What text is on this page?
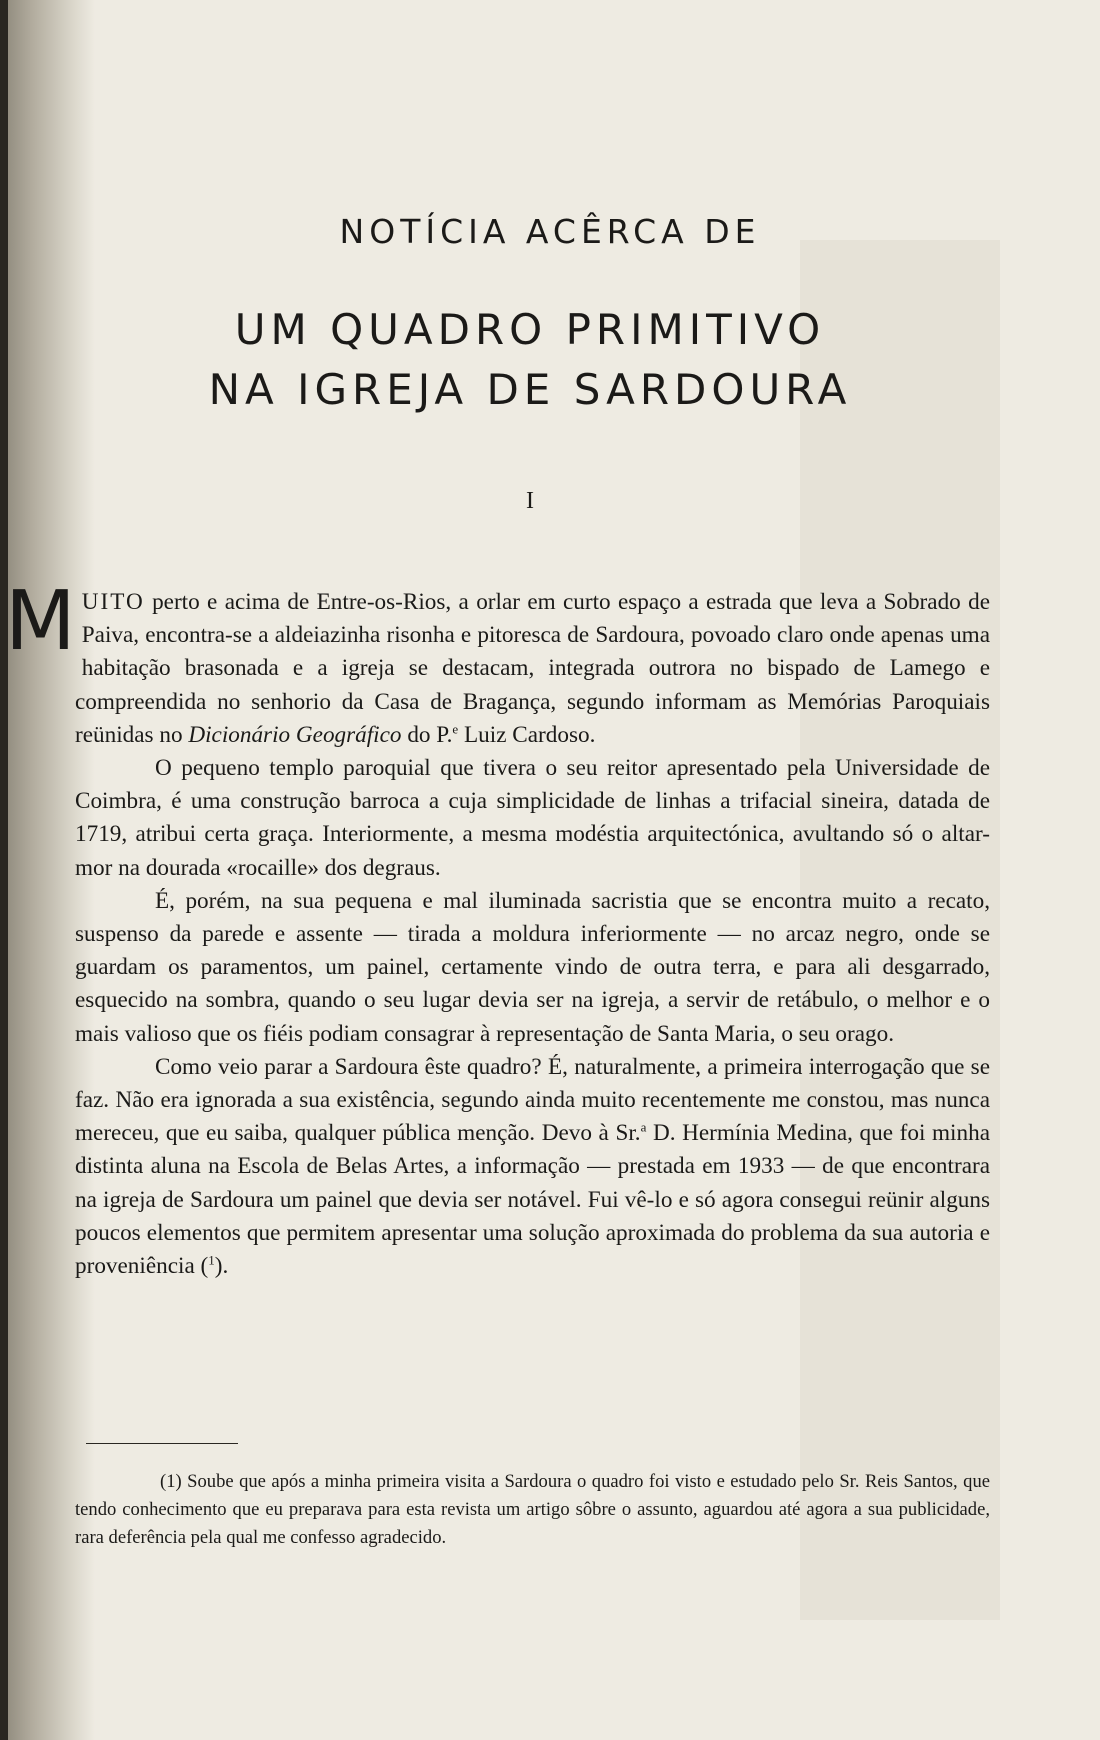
NOTÍCIA ACÊRCA DE
UM QUADRO PRIMITIVO
NA IGREJA DE SARDOURA
I

MUITO perto e acima de Entre-os-Rios, a orlar em curto espaço a estrada que leva a Sobrado de Paiva, encontra-se a aldeiazinha risonha e pitoresca de Sardoura, povoado claro onde apenas uma habitação brasonada e a igreja se destacam, integrada outrora no bispado de Lamego e compreendida no senhorio da Casa de Bragança, segundo informam as Memórias Paroquiais reünidas no Dicionário Geográfico do P.$^e$ Luiz Cardoso.

O pequeno templo paroquial que tivera o seu reitor apresentado pela Universidade de Coimbra, é uma construção barroca a cuja simplicidade de linhas a trifacial sineira, datada de 1719, atribui certa graça. Interiormente, a mesma modéstia arquitectónica, avultando só o altar-mor na dourada «rocaille» dos degraus.

É, porém, na sua pequena e mal iluminada sacristia que se encontra muito a recato, suspenso da parede e assente — tirada a moldura inferiormente — no arcaz negro, onde se guardam os paramentos, um painel, certamente vindo de outra terra, e para ali desgarrado, esquecido na sombra, quando o seu lugar devia ser na igreja, a servir de retábulo, o melhor e o mais valioso que os fiéis podiam consagrar à representação de Santa Maria, o seu orago.

Como veio parar a Sardoura êste quadro? É, naturalmente, a primeira interrogação que se faz. Não era ignorada a sua existência, segundo ainda muito recentemente me constou, mas nunca mereceu, que eu saiba, qualquer pública menção. Devo à Sr.$^a$ D. Hermínia Medina, que foi minha distinta aluna na Escola de Belas Artes, a informação — prestada em 1933 — de que encontrara na igreja de Sardoura um painel que devia ser notável. Fui vê-lo e só agora consegui reünir alguns poucos elementos que permitem apresentar uma solução aproximada do problema da sua autoria e proveniência ($^1$).

(1) Soube que após a minha primeira visita a Sardoura o quadro foi visto e estudado pelo Sr. Reis Santos, que tendo conhecimento que eu preparava para esta revista um artigo sôbre o assunto, aguardou até agora a sua publicidade, rara deferência pela qual me confesso agradecido.
